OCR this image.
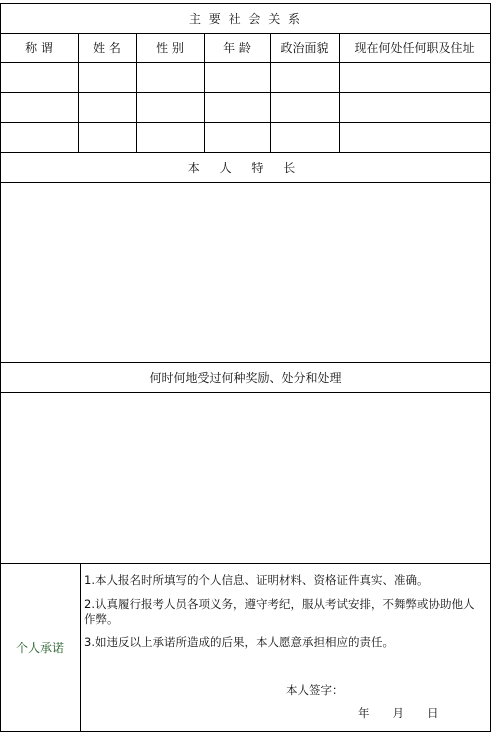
主 要 社 会 关 系
称 谓	姓 名	性 别	年 龄	政治面貌	现在何处任何职及住址
本 人 特 长
何时何地受过何种奖励、处分和处理
个人承诺
1.本人报名时所填写的个人信息、证明材料、资格证件真实、准确。
2.认真履行报考人员各项义务，遵守考纪，服从考试安排，不舞弊或协助他人作弊。
3.如违反以上承诺所造成的后果，本人愿意承担相应的责任。
本人签字：
年　　月　　日
